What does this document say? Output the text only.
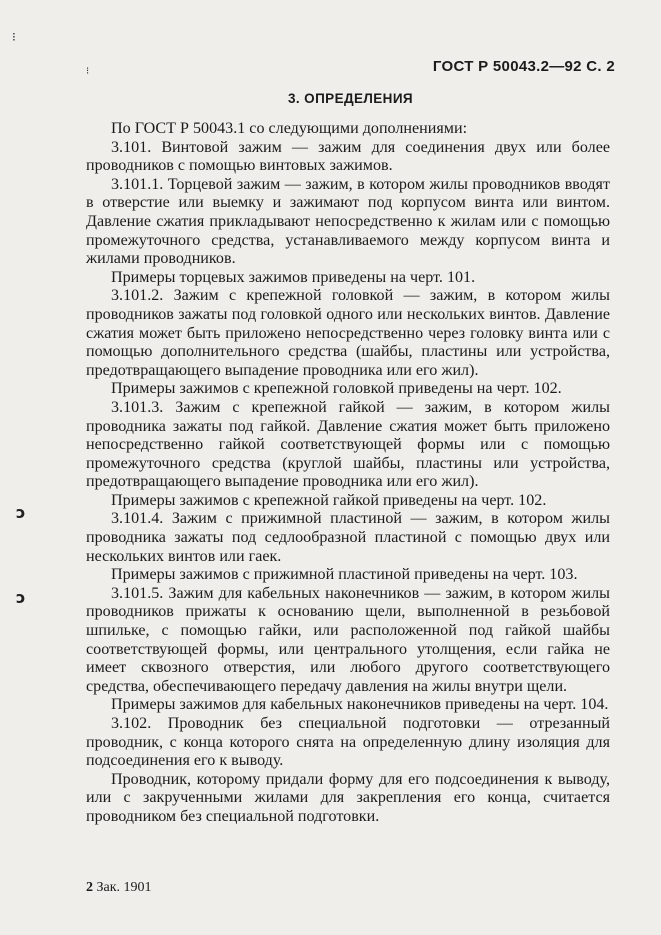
⁝
⁝
ↄ
ↄ
ГОСТ Р 50043.2—92 С. 2
3. ОПРЕДЕЛЕНИЯ

По ГОСТ Р 50043.1 со следующими дополнениями:

3.101. Винтовой зажим — зажим для соединения двух или более проводников с помощью винтовых зажимов.

3.101.1. Торцевой зажим — зажим, в котором жилы проводников вводят в отверстие или выемку и зажимают под корпусом винта или винтом. Давление сжатия прикладывают непосредственно к жилам или с помощью промежуточного средства, устанавливаемого между корпусом винта и жилами проводников.

Примеры торцевых зажимов приведены на черт. 101.

3.101.2. Зажим с крепежной головкой — зажим, в котором жилы проводников зажаты под головкой одного или нескольких винтов. Давление сжатия может быть приложено непосредственно через головку винта или с помощью дополнительного средства (шайбы, пластины или устройства, предотвращающего выпадение проводника или его жил).

Примеры зажимов с крепежной головкой приведены на черт. 102.

3.101.3. Зажим с крепежной гайкой — зажим, в котором жилы проводника зажаты под гайкой. Давление сжатия может быть приложено непосредственно гайкой соответствующей формы или с помощью промежуточного средства (круглой шайбы, пластины или устройства, предотвращающего выпадение проводника или его жил).

Примеры зажимов с крепежной гайкой приведены на черт. 102.

3.101.4. Зажим с прижимной пластиной — зажим, в котором жилы проводника зажаты под седлообразной пластиной с помощью двух или нескольких винтов или гаек.

Примеры зажимов с прижимной пластиной приведены на черт. 103.

3.101.5. Зажим для кабельных наконечников — зажим, в котором жилы проводников прижаты к основанию щели, выполненной в резьбовой шпильке, с помощью гайки, или расположенной под гайкой шайбы соответствующей формы, или центрального утолщения, если гайка не имеет сквозного отверстия, или любого другого соответствующего средства, обеспечивающего передачу давления на жилы внутри щели.

Примеры зажимов для кабельных наконечников приведены на черт. 104.

3.102. Проводник без специальной подготовки — отрезанный проводник, с конца которого снята на определенную длину изоляция для подсоединения его к выводу.

Проводник, которому придали форму для его подсоединения к выводу, или с закрученными жилами для закрепления его конца, считается проводником без специальной подготовки.

2 Зак. 1901
